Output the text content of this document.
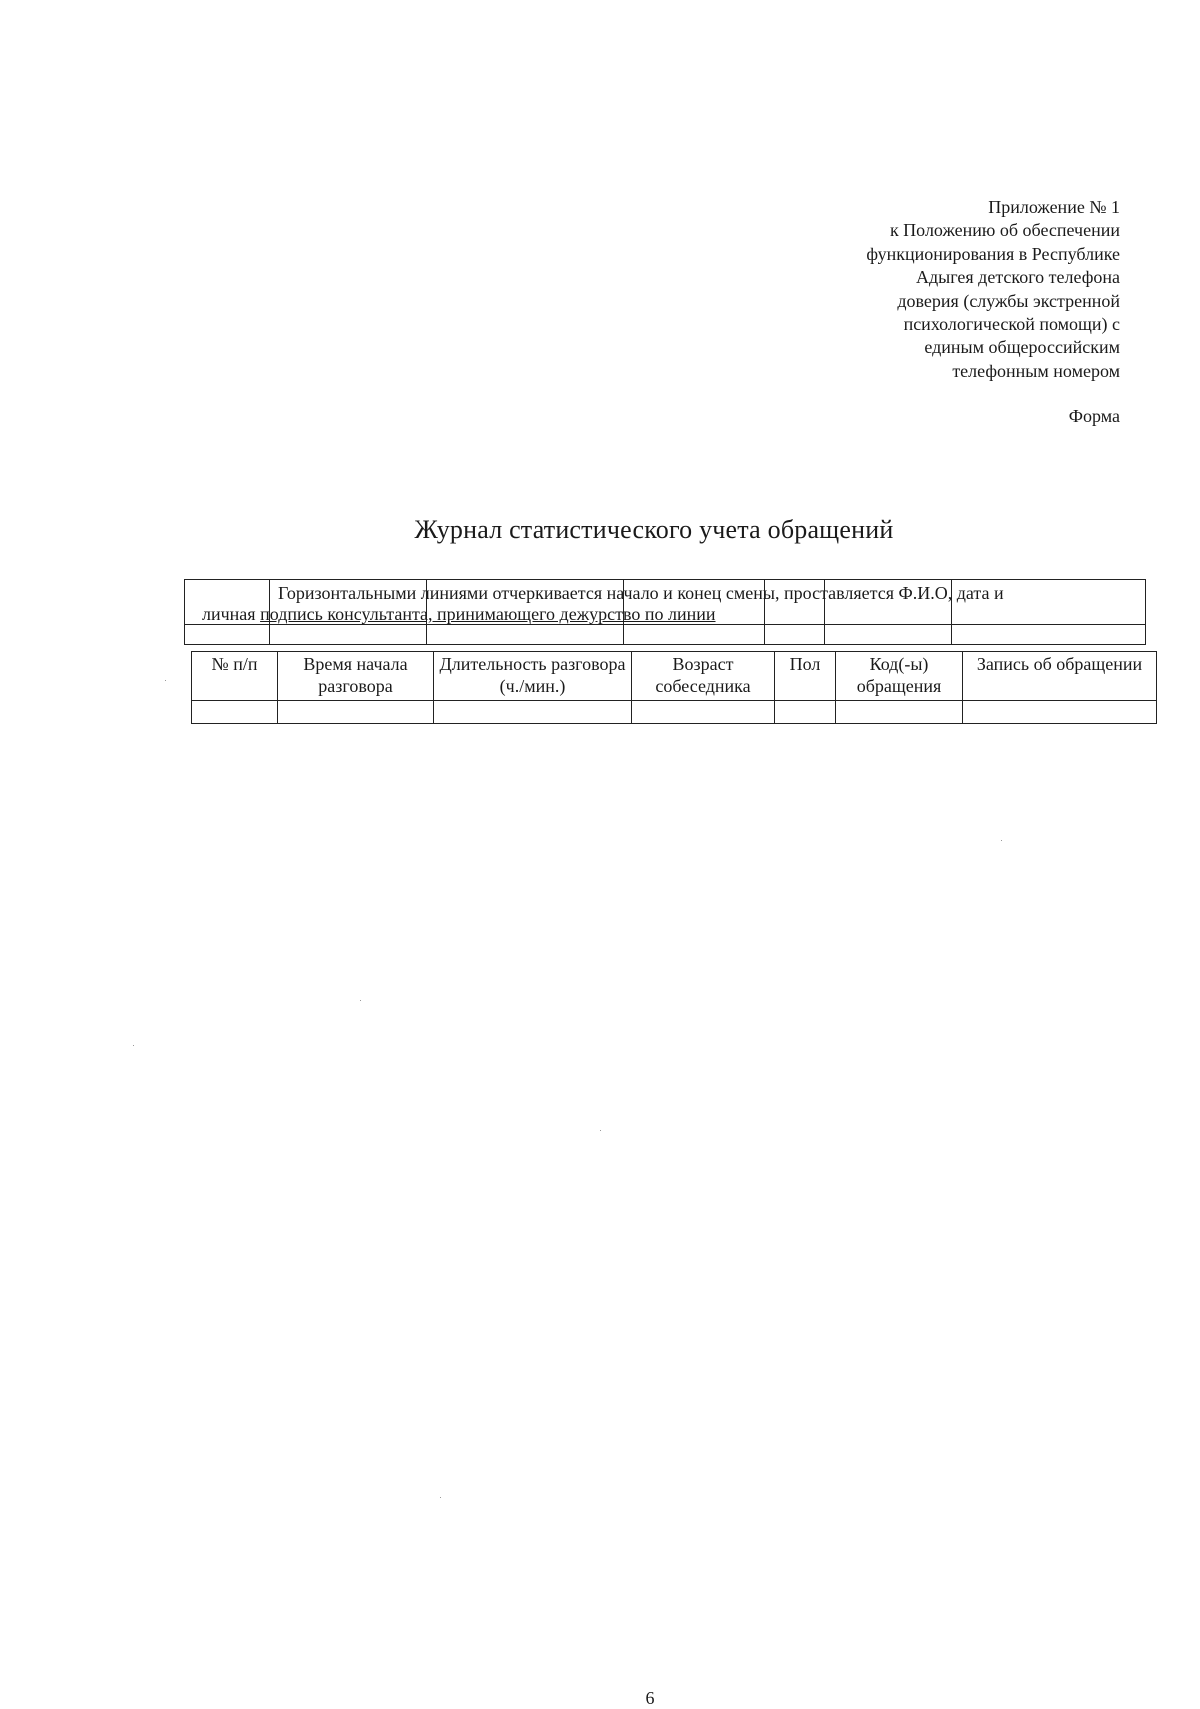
Приложение № 1
к Положению об обеспечении
функционирования в Республике
Адыгея детского телефона
доверия (службы экстренной
психологической помощи) с
единым общероссийским
телефонным номером
Форма
Журнал статистического учета обращений
Горизонтальными линиями отчеркивается начало и конец смены, проставляется Ф.И.О, дата и
личная подпись консультанта, принимающего дежурство по линии
№ п/п	Время начала разговора	Длительность разговора (ч./мин.)	Возраст собеседника	Пол	Код(-ы) обращения	Запись об обращении

6
